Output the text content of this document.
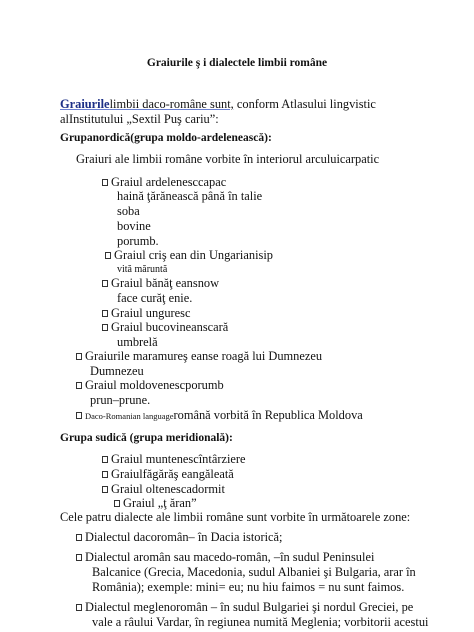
Graiurile ş i dialectele limbii române
Graiurilelimbii daco-române sunt, conform Atlasului lingvistic
alInstitutului „Sextil Puş cariu”:
Grupanordică(grupa moldo-ardelenească):
Graiuri ale limbii române vorbite în interiorul arculuicarpatic
Graiul ardelenesccapac
haină ţărănească până în talie
soba
bovine
porumb.
Graiul criş ean din Ungarianisip
vită măruntă
Graiul bănăţ eansnow
face curăţ enie.
Graiul unguresc
Graiul bucovineanscară
umbrelă
Graiurile maramureş eanse roagă lui Dumnezeu
Dumnezeu
Graiul moldovenescporumb
prun–prune.
Daco-Romanian languageromână vorbită în Republica Moldova
Grupa sudică (grupa meridională):
Graiul muntenescîntârziere
Graiulfăgărăş eangăleată
Graiul oltenescadormit
Graiul „ţ ăran”
Cele patru dialecte ale limbii române sunt vorbite în următoarele zone:
Dialectul dacoromân– în Dacia istorică;
Dialectul aromân sau macedo-român, –în sudul Peninsulei
Balcanice (Grecia, Macedonia, sudul Albaniei şi Bulgaria, arar în
România); exemple: mini= eu; nu hiu faimos = nu sunt faimos.
Dialectul meglenoromân – în sudul Bulgariei şi nordul Greciei, pe
vale a râului Vardar, în regiunea numită Meglenia; vorbitorii acestui
